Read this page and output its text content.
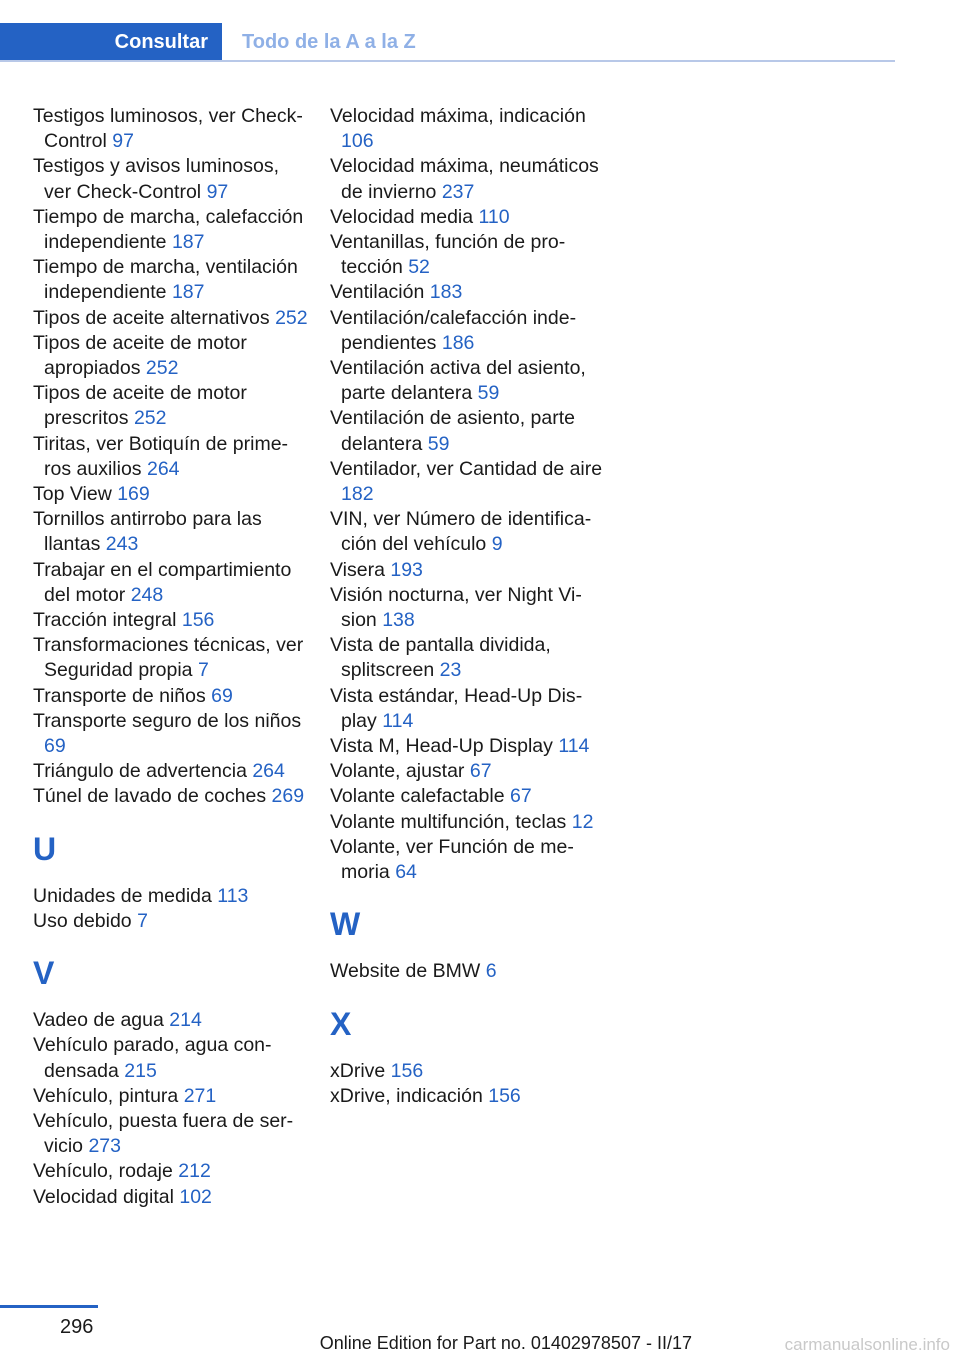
Consultar	Todo de la A a la Z
Testigos luminosos, ver Check-Control 97
Testigos y avisos luminosos, ver Check-Control 97
Tiempo de marcha, calefacción independiente 187
Tiempo de marcha, ventilación independiente 187
Tipos de aceite alternativos 252
Tipos de aceite de motor apropiados 252
Tipos de aceite de motor prescritos 252
Tiritas, ver Botiquín de primeros auxilios 264
Top View 169
Tornillos antirrobo para las llantas 243
Trabajar en el compartimiento del motor 248
Tracción integral 156
Transformaciones técnicas, ver Seguridad propia 7
Transporte de niños 69
Transporte seguro de los niños 69
Triángulo de advertencia 264
Túnel de lavado de coches 269
U
Unidades de medida 113
Uso debido 7
V
Vadeo de agua 214
Vehículo parado, agua condensada 215
Vehículo, pintura 271
Vehículo, puesta fuera de servicio 273
Vehículo, rodaje 212
Velocidad digital 102
Velocidad máxima, indicación 106
Velocidad máxima, neumáticos de invierno 237
Velocidad media 110
Ventanillas, función de protección 52
Ventilación 183
Ventilación/calefacción independientes 186
Ventilación activa del asiento, parte delantera 59
Ventilación de asiento, parte delantera 59
Ventilador, ver Cantidad de aire 182
VIN, ver Número de identificación del vehículo 9
Visera 193
Visión nocturna, ver Night Vision 138
Vista de pantalla dividida, splitscreen 23
Vista estándar, Head-Up Display 114
Vista M, Head-Up Display 114
Volante, ajustar 67
Volante calefactable 67
Volante multifunción, teclas 12
Volante, ver Función de memoria 64
W
Website de BMW 6
X
xDrive 156
xDrive, indicación 156
296
Online Edition for Part no. 01402978507 - II/17	carmanualsonline.info
